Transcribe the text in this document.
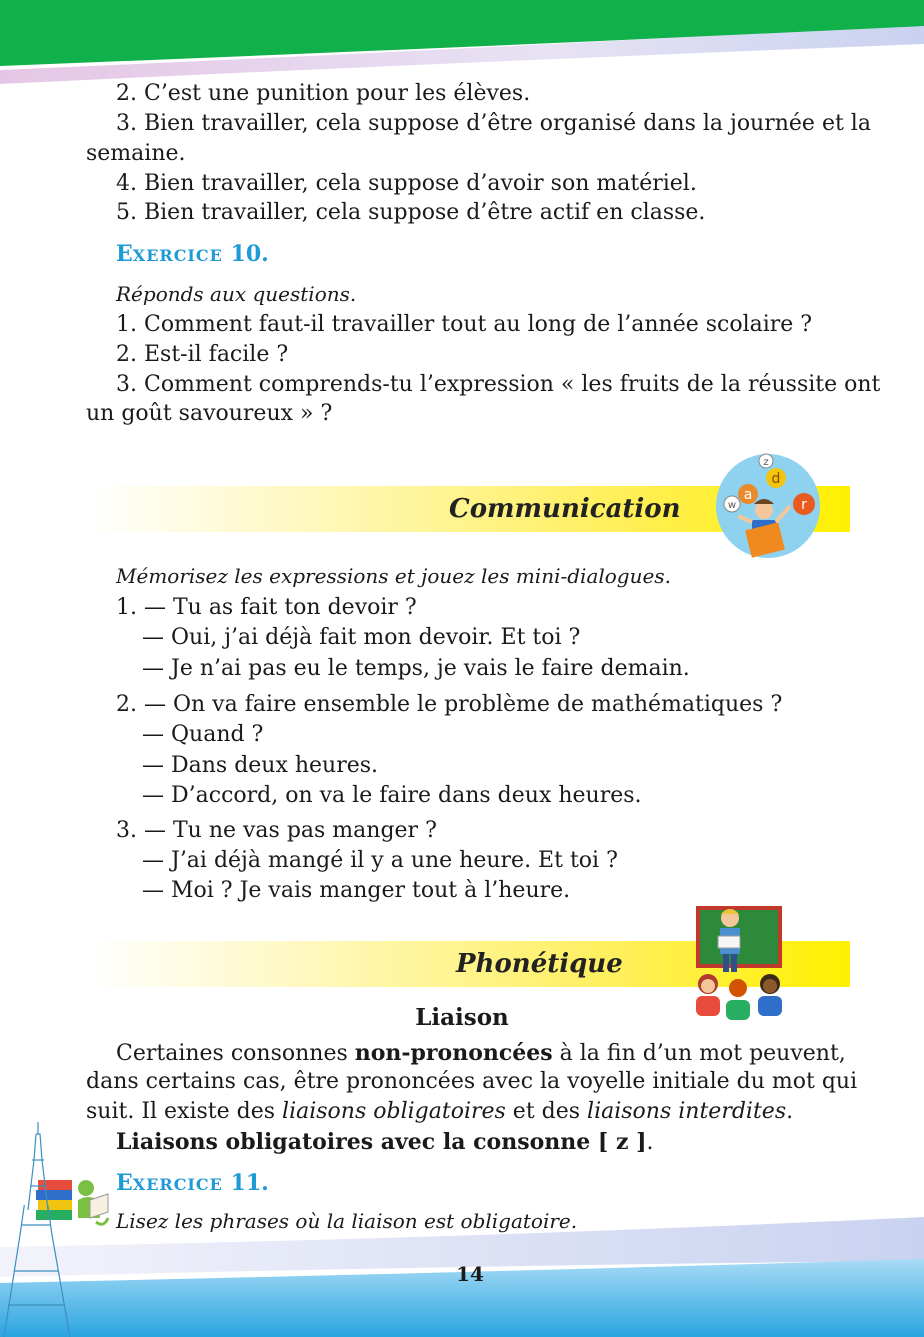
2. C’est une punition pour les élèves.
3. Bien travailler, cela suppose d’être organisé dans la journée et la
semaine.
4. Bien travailler, cela suppose d’avoir son matériel.
5. Bien travailler, cela suppose d’être actif en classe.
EXERCICE 10.
Réponds aux questions.
1. Comment faut-il travailler tout au long de l’année scolaire ?
2. Est-il facile ?
3. Comment comprends-tu l’expression « les fruits de la réussite ont
un goût savoureux » ?
Communication	a
d
r
w
z
Mémorisez les expressions et jouez les mini-dialogues.
1. — Tu as fait ton devoir ?
— Oui, j’ai déjà fait mon devoir. Et toi ?
— Je n’ai pas eu le temps, je vais le faire demain.
2. — On va faire ensemble le problème de mathématiques ?
— Quand ?
— Dans deux heures.
— D’accord, on va le faire dans deux heures.
3. — Tu ne vas pas manger ?
— J’ai déjà mangé il y a une heure. Et toi ?
— Moi ? Je vais manger tout à l’heure.
Phonétique
Liaison
Certaines consonnes non-prononcées à la fin d’un mot peuvent,
dans certains cas, être prononcées avec la voyelle initiale du mot qui
suit. Il existe des liaisons obligatoires et des liaisons interdites.
Liaisons obligatoires avec la consonne [ z ].
EXERCICE 11.
Lisez les phrases où la liaison est obligatoire.
14
